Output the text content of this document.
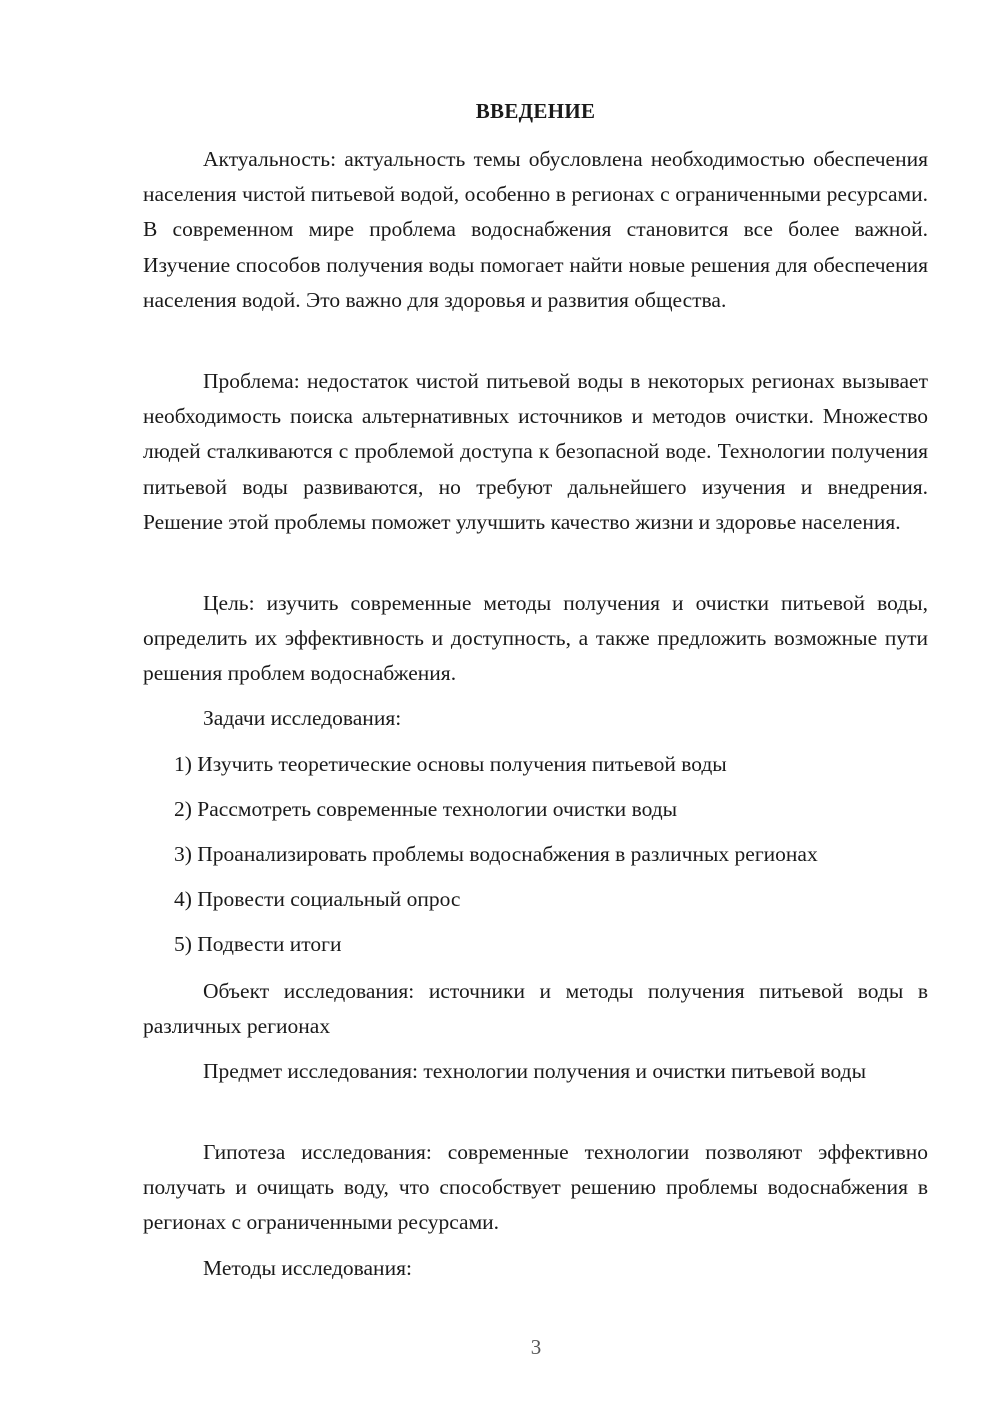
ВВЕДЕНИЕ

Актуальность: актуальность темы обусловлена необходимостью обеспечения населения чистой питьевой водой, особенно в регионах с ограниченными ресурсами. В современном мире проблема водоснабжения становится все более важной. Изучение способов получения воды помогает найти новые решения для обеспечения населения водой. Это важно для здоровья и развития общества.

Проблема: недостаток чистой питьевой воды в некоторых регионах вызывает необходимость поиска альтернативных источников и методов очистки. Множество людей сталкиваются с проблемой доступа к безопасной воде. Технологии получения питьевой воды развиваются, но требуют дальнейшего изучения и внедрения. Решение этой проблемы поможет улучшить качество жизни и здоровье населения.

Цель: изучить современные методы получения и очистки питьевой воды, определить их эффективность и доступность, а также предложить возможные пути решения проблем водоснабжения.

Задачи исследования:

1) Изучить теоретические основы получения питьевой воды

2) Рассмотреть современные технологии очистки воды

3) Проанализировать проблемы водоснабжения в различных регионах

4) Провести социальный опрос

5) Подвести итоги

Объект исследования: источники и методы получения питьевой воды в различных регионах

Предмет исследования: технологии получения и очистки питьевой воды

Гипотеза исследования: современные технологии позволяют эффективно получать и очищать воду, что способствует решению проблемы водоснабжения в регионах с ограниченными ресурсами.

Методы исследования:

3
